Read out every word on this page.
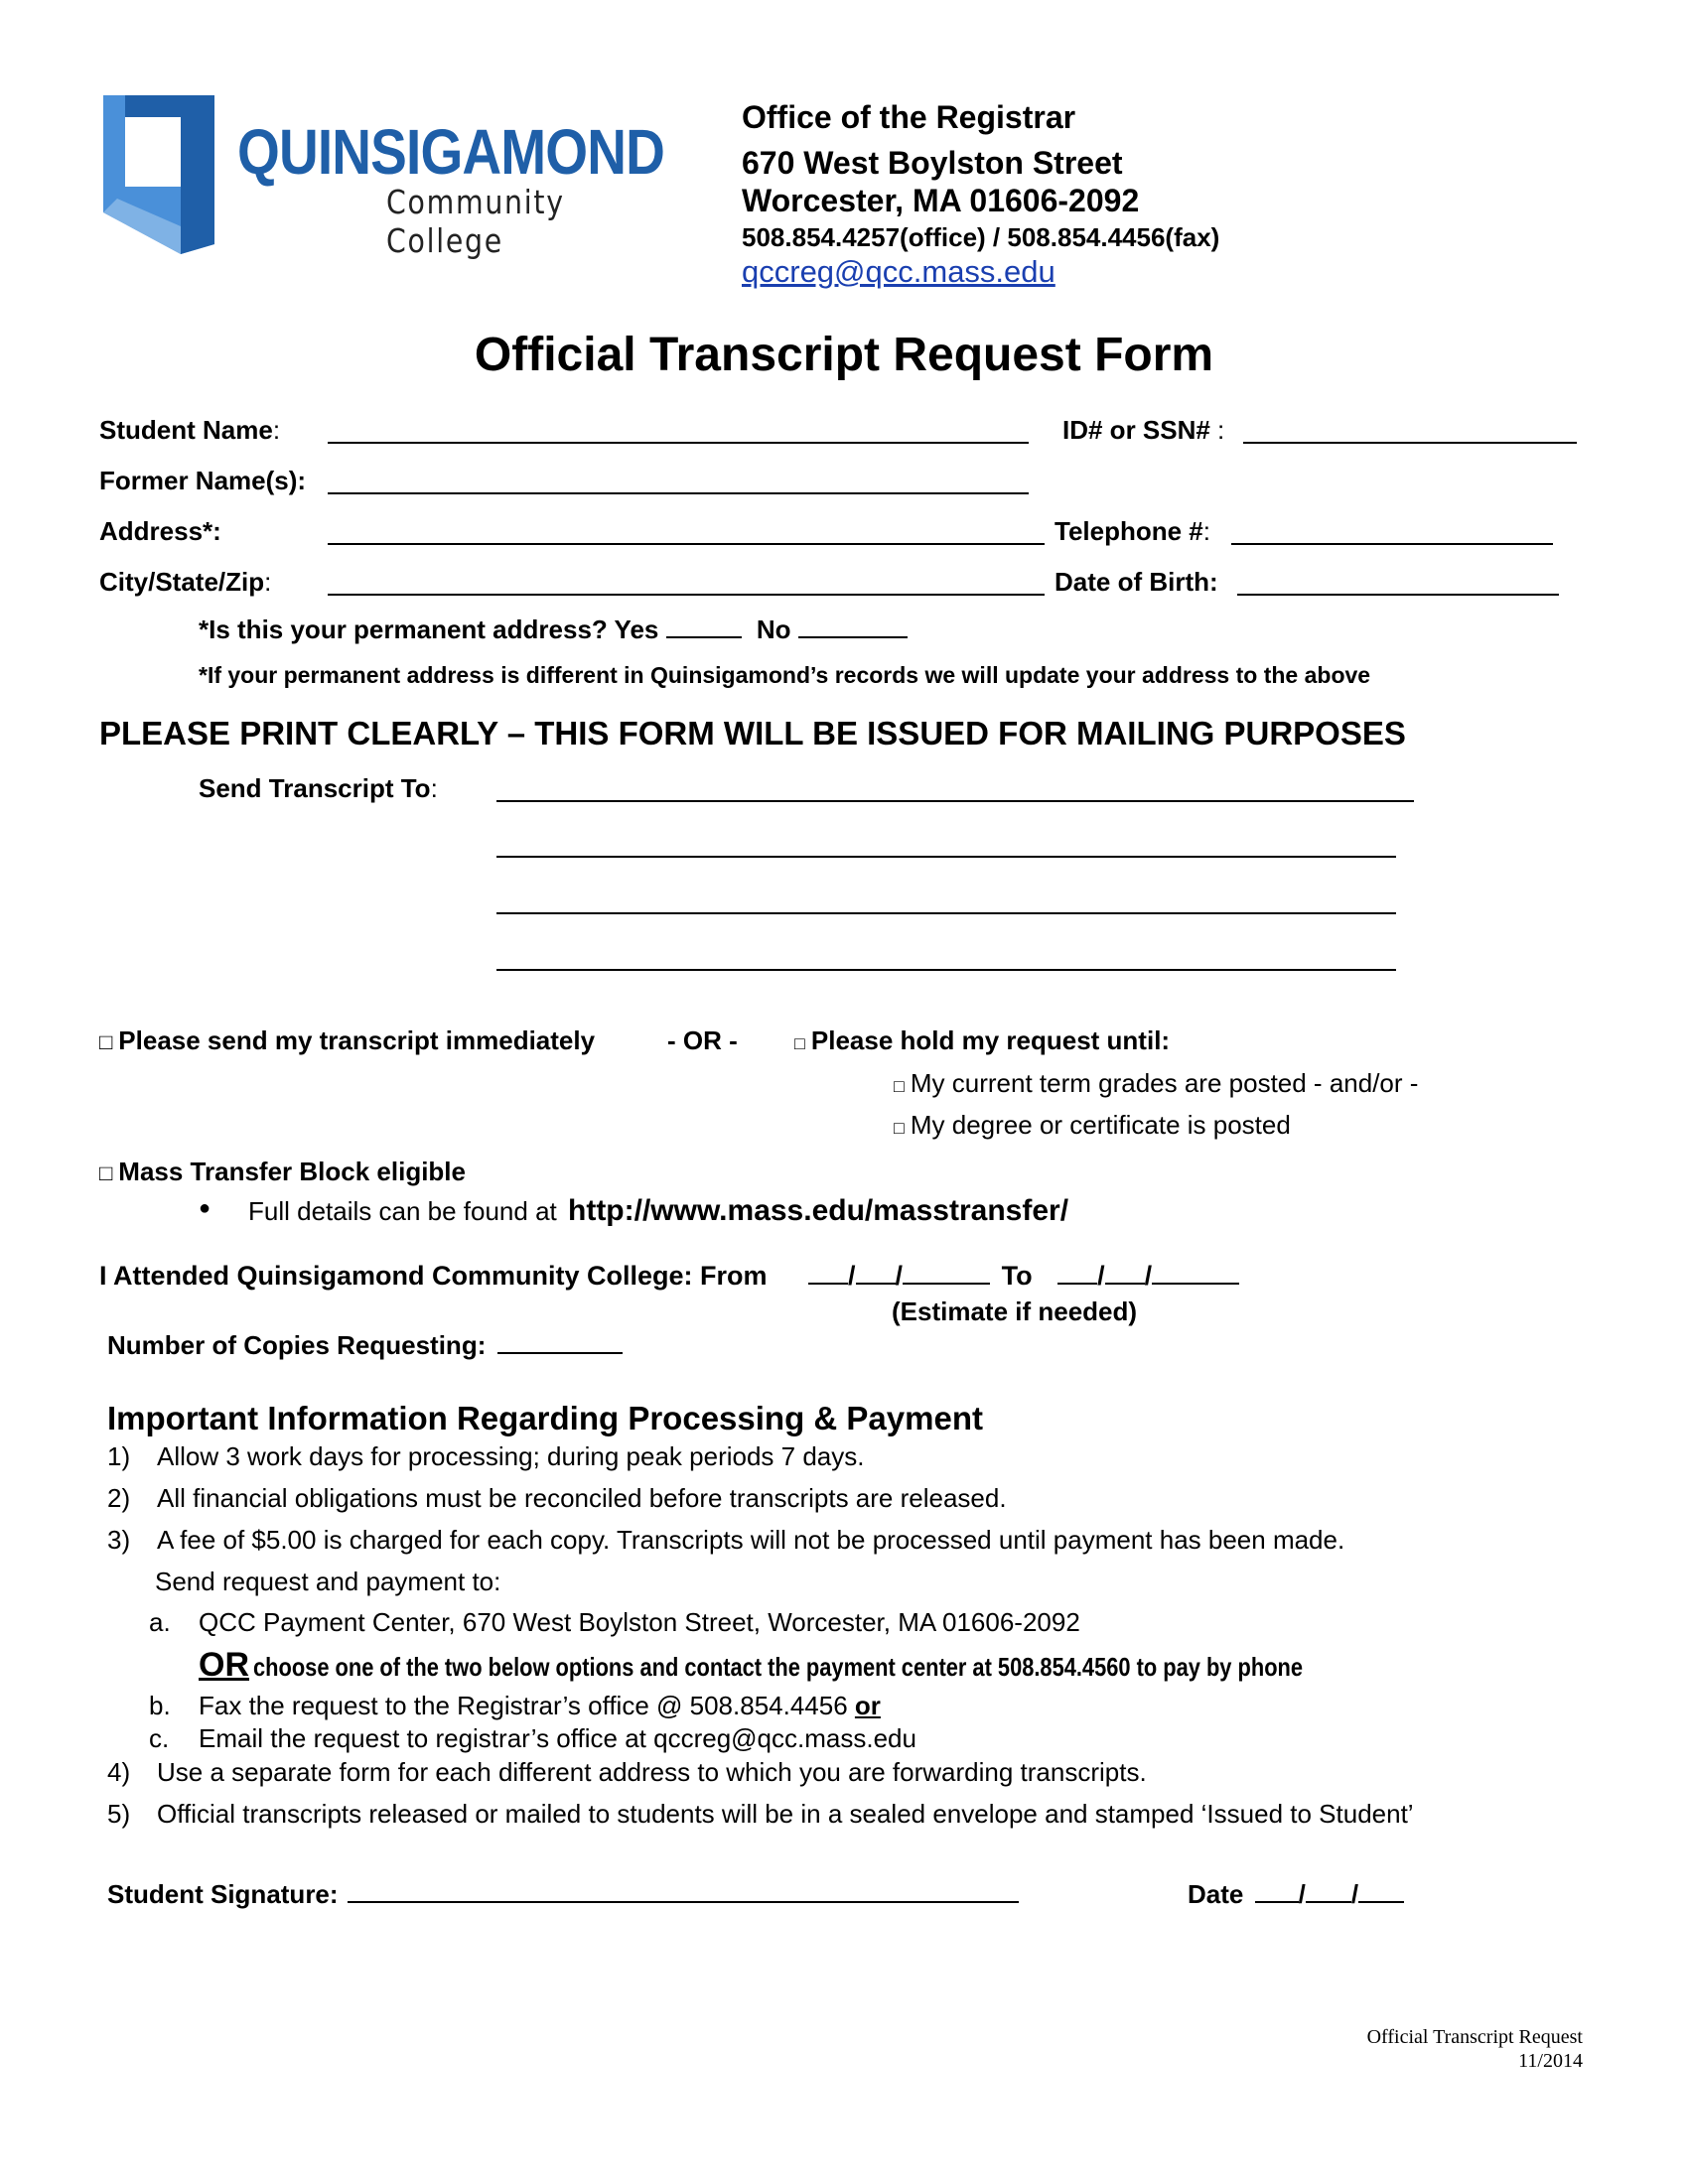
QUINSIGAMOND
Community College
Office of the Registrar
670 West Boylston Street
Worcester, MA 01606-2092
508.854.4257(office) / 508.854.4456(fax)
qccreg@qcc.mass.edu
Official Transcript Request Form
Student Name:	ID# or SSN# :
Former Name(s):
Address*:	Telephone #:
City/State/Zip:	Date of Birth:
*Is this your permanent address? Yes	No
*If your permanent address is different in Quinsigamond’s records we will update your address to the above
PLEASE PRINT CLEARLY – THIS FORM WILL BE ISSUED FOR MAILING PURPOSES
Send Transcript To:
□ Please send my transcript immediately	- OR -	□ Please hold my request until:
□ My current term grades are posted - and/or -
□ My degree or certificate is posted
□ Mass Transfer Block eligible
● Full details can be found at http://www.mass.edu/masstransfer/
I Attended Quinsigamond Community College: From	/ /	To / /
(Estimate if needed)
Number of Copies Requesting:
Important Information Regarding Processing & Payment
1) Allow 3 work days for processing; during peak periods 7 days.
2) All financial obligations must be reconciled before transcripts are released.
3) A fee of $5.00 is charged for each copy. Transcripts will not be processed until payment has been made.
Send request and payment to:
a. QCC Payment Center, 670 West Boylston Street, Worcester, MA 01606-2092
OR choose one of the two below options and contact the payment center at 508.854.4560 to pay by phone
b. Fax the request to the Registrar’s office @ 508.854.4456 or
c. Email the request to registrar’s office at qccreg@qcc.mass.edu
4) Use a separate form for each different address to which you are forwarding transcripts.
5) Official transcripts released or mailed to students will be in a sealed envelope and stamped ‘Issued to Student’
Student Signature:	Date / /
Official Transcript Request
11/2014
